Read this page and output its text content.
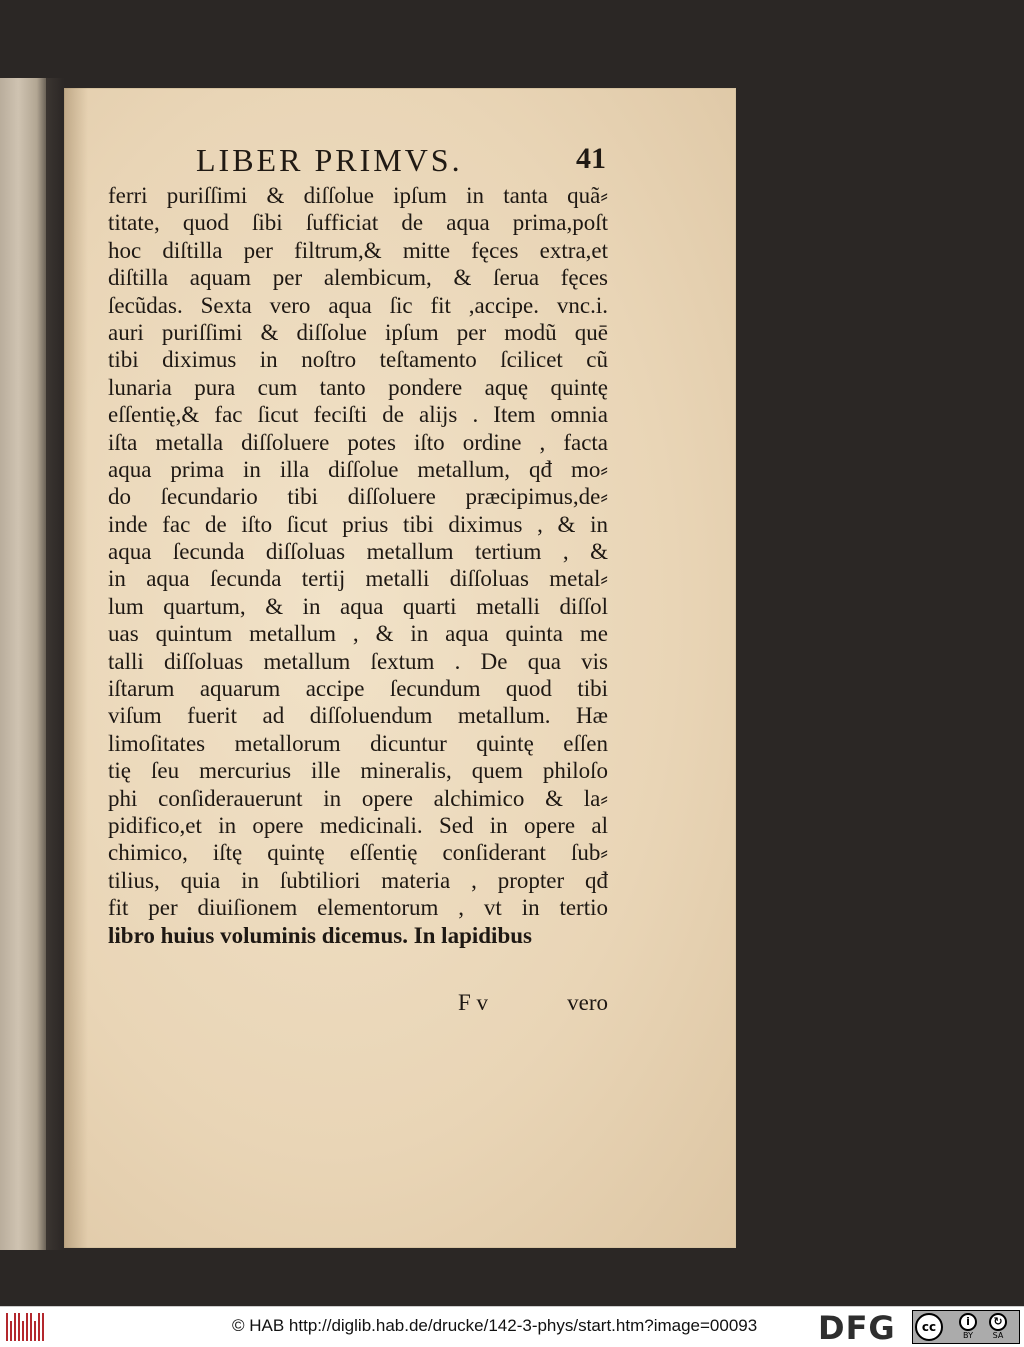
LIBER PRIMVS.	41
ferri puriſſimi & diſſolue ipſum in tanta quã⸗
titate, quod ſibi ſufficiat de aqua prima,poſt
hoc diſtilla per filtrum,& mitte fęces extra,et
diſtilla aquam per alembicum, & ſerua fęces
ſecũdas. Sexta vero aqua ſic fit ,accipe. vnc.i.
auri puriſſimi & diſſolue ipſum per modũ quē
tibi diximus in noſtro teſtamento ſcilicet cũ
lunaria pura cum tanto pondere aquę quintę
eſſentię,& fac ſicut feciſti de alijs . Item omnia
iſta metalla diſſoluere potes iſto ordine , facta
aqua prima in illa diſſolue metallum, qđ mo⸗
do ſecundario tibi diſſoluere præcipimus,de⸗
inde fac de iſto ſicut prius tibi diximus , & in
aqua ſecunda diſſoluas metallum tertium , &
in aqua ſecunda tertij metalli diſſoluas metal⸗
lum quartum, & in aqua quarti metalli diſſol
uas quintum metallum , & in aqua quinta me
talli diſſoluas metallum ſextum . De qua vis
iſtarum aquarum accipe ſecundum quod tibi
viſum fuerit ad diſſoluendum metallum. Hæ
limoſitates metallorum dicuntur quintę eſſen
tię ſeu mercurius ille mineralis, quem philoſo
phi conſiderauerunt in opere alchimico & la⸗
pidifico,et in opere medicinali. Sed in opere al
chimico, iſtę quintę eſſentię conſiderant ſub⸗
tilius, quia in ſubtiliori materia , propter qđ
fit per diuiſionem elementorum , vt in tertio
libro huius voluminis dicemus. In lapidibus
F v	vero
© HAB http://diglib.hab.de/drucke/142-3-phys/start.htm?image=00093 DFG	cc	i
BY
↻
SA
